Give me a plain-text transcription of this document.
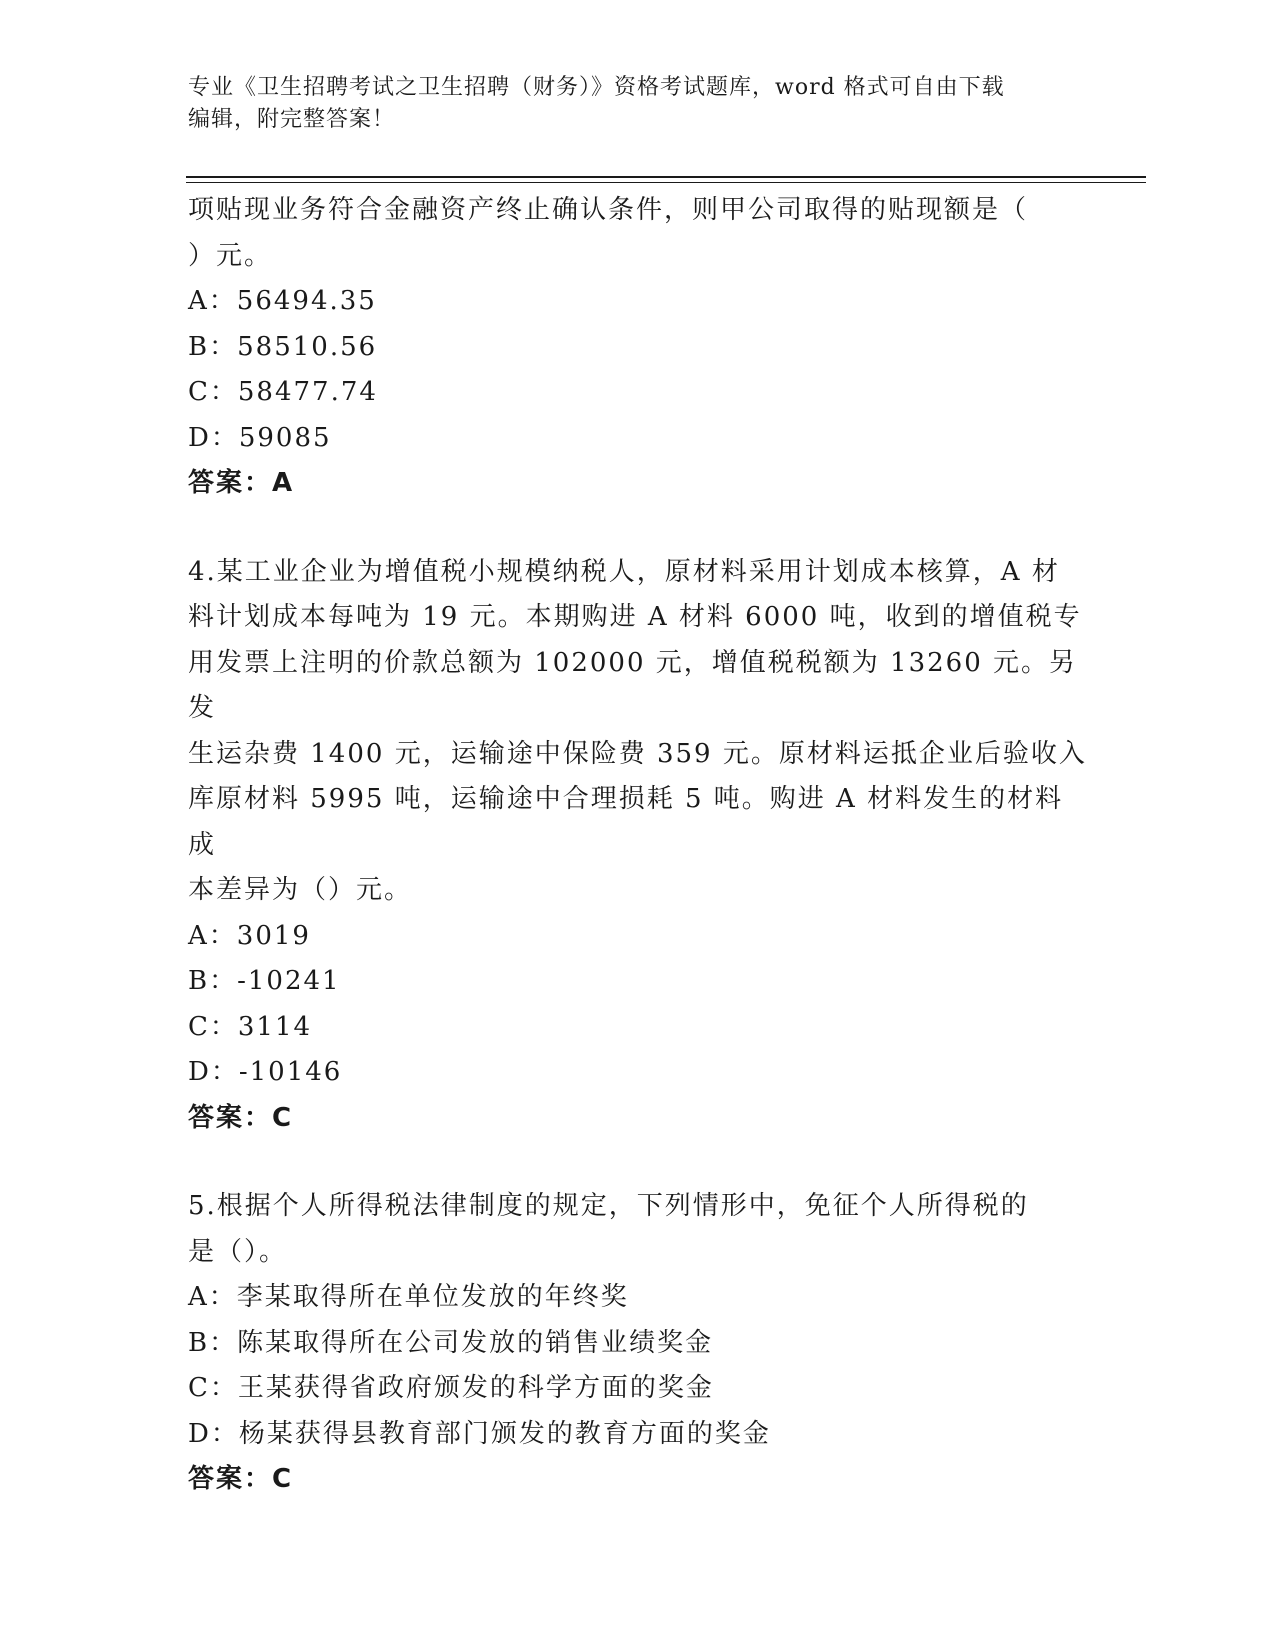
专业《卫生招聘考试之卫生招聘（财务）》资格考试题库，word 格式可自由下载
编辑，附完整答案！
项贴现业务符合金融资产终止确认条件，则甲公司取得的贴现额是（
）元。
A：56494.35
B：58510.56
C：58477.74
D：59085
答案：A
4.某工业企业为增值税小规模纳税人，原材料采用计划成本核算，A 材
料计划成本每吨为 19 元。本期购进 A 材料 6000 吨，收到的增值税专
用发票上注明的价款总额为 102000 元，增值税税额为 13260 元。另发
生运杂费 1400 元，运输途中保险费 359 元。原材料运抵企业后验收入
库原材料 5995 吨，运输途中合理损耗 5 吨。购进 A 材料发生的材料成
本差异为（）元。
A：3019
B：-10241
C：3114
D：-10146
答案：C
5.根据个人所得税法律制度的规定，下列情形中，免征个人所得税的
是（）。
A：李某取得所在单位发放的年终奖
B：陈某取得所在公司发放的销售业绩奖金
C：王某获得省政府颁发的科学方面的奖金
D：杨某获得县教育部门颁发的教育方面的奖金
答案：C
